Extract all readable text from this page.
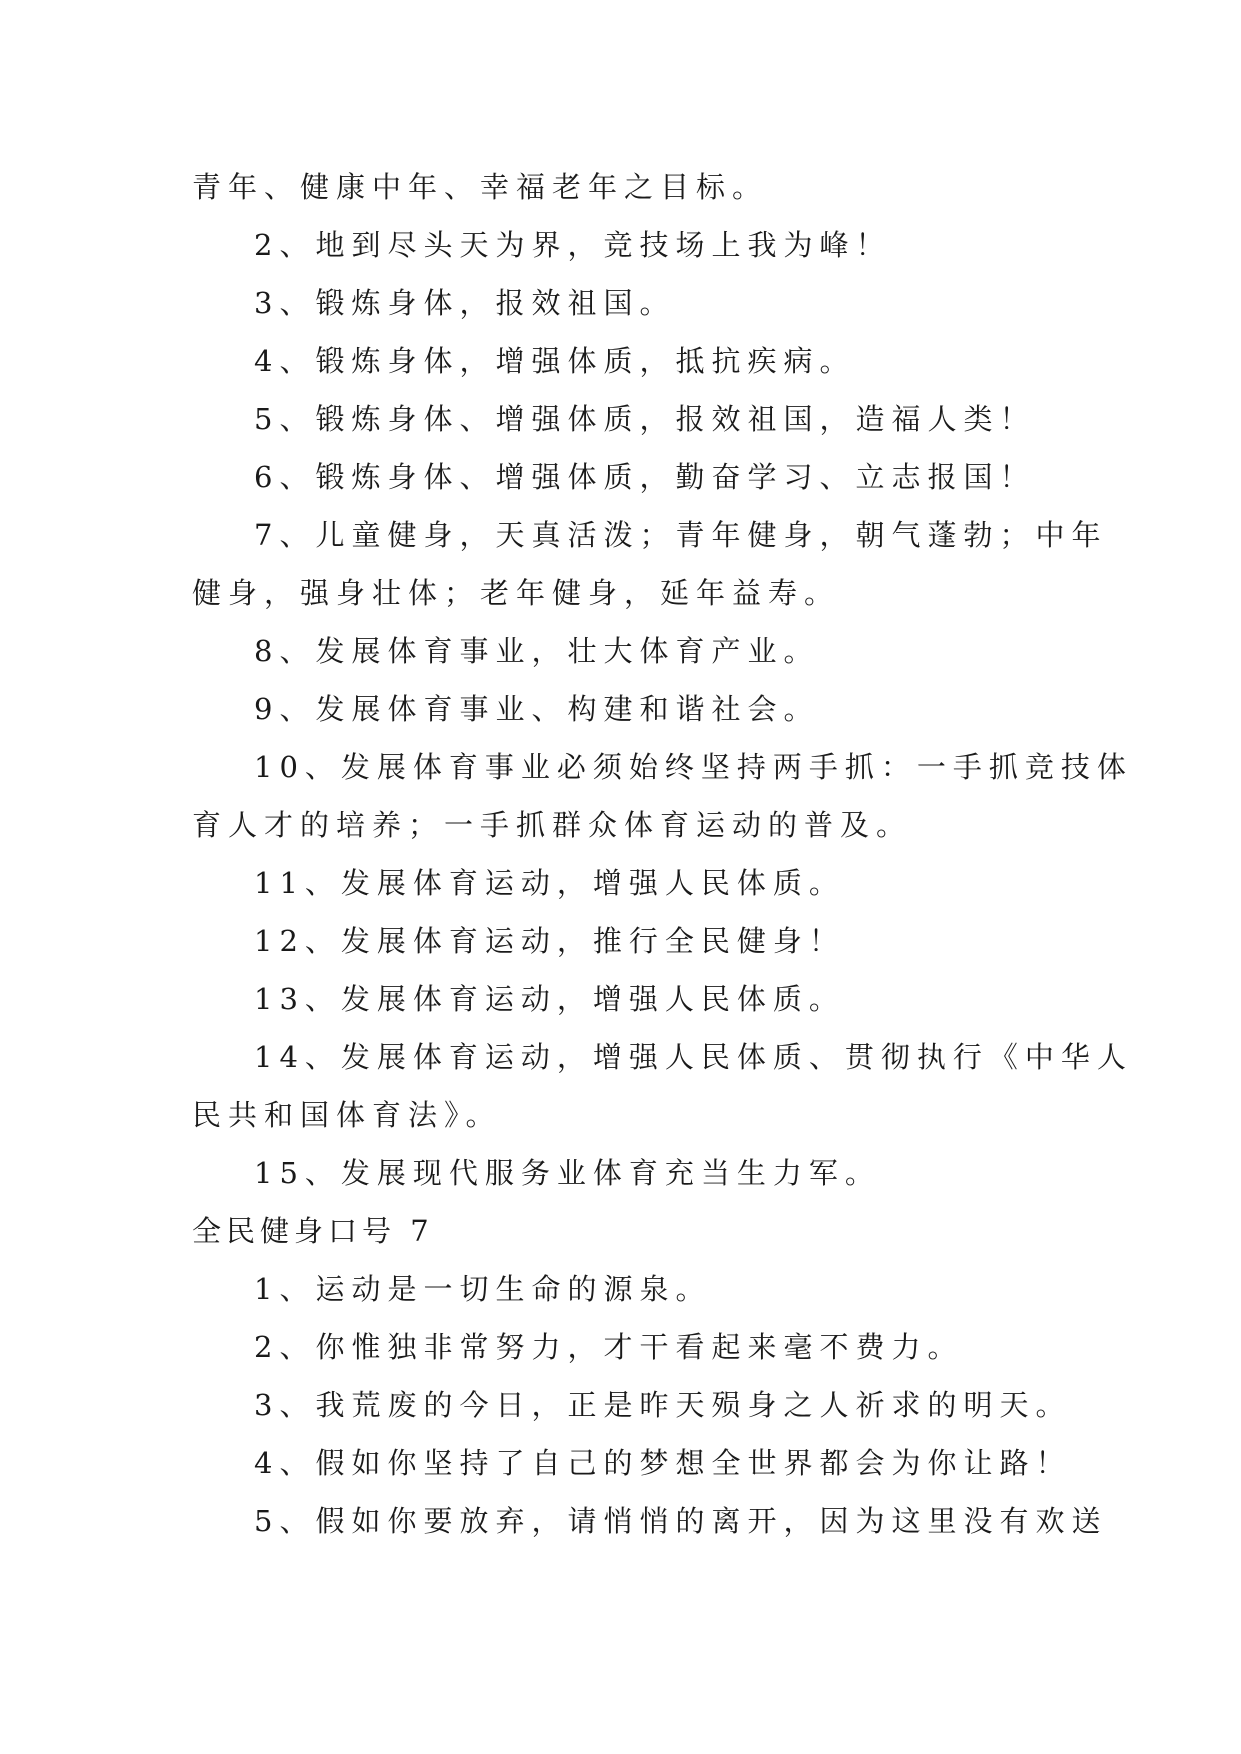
青年、健康中年、幸福老年之目标。
2、地到尽头天为界，竞技场上我为峰！
3、锻炼身体，报效祖国。
4、锻炼身体，增强体质，抵抗疾病。
5、锻炼身体、增强体质，报效祖国，造福人类！
6、锻炼身体、增强体质，勤奋学习、立志报国！
7、儿童健身，天真活泼；青年健身，朝气蓬勃；中年
健身，强身壮体；老年健身，延年益寿。
8、发展体育事业，壮大体育产业。
9、发展体育事业、构建和谐社会。
10、发展体育事业必须始终坚持两手抓：一手抓竞技体
育人才的培养；一手抓群众体育运动的普及。
11、发展体育运动，增强人民体质。
12、发展体育运动，推行全民健身！
13、发展体育运动，增强人民体质。
14、发展体育运动，增强人民体质、贯彻执行《中华人
民共和国体育法》。
15、发展现代服务业体育充当生力军。
全民健身口号 7
1、运动是一切生命的源泉。
2、你惟独非常努力，才干看起来毫不费力。
3、我荒废的今日，正是昨天殒身之人祈求的明天。
4、假如你坚持了自己的梦想全世界都会为你让路！
5、假如你要放弃，请悄悄的离开，因为这里没有欢送
